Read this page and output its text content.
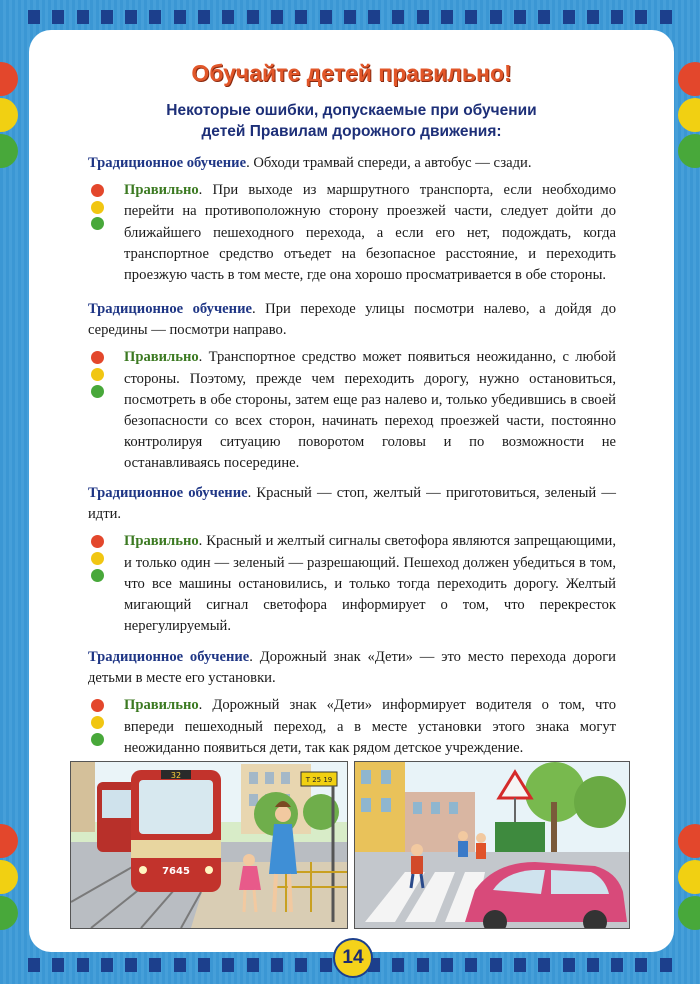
Обучайте детей правильно!
Некоторые ошибки, допускаемые при обучении
детей Правилам дорожного движения:

Традиционное обучение. Обходи трамвай спереди, а автобус — сзади.

Правильно. При выходе из маршрутного транспорта, если необходимо перейти на противоположную сторону проезжей части, следует дойти до ближайшего пешеходного перехода, а если его нет, подождать, когда транспортное средство отъедет на безопасное расстояние, и переходить проезжую часть в том месте, где она хорошо просматривается в обе стороны.

Традиционное обучение. При переходе улицы посмотри налево, а дойдя до середины — посмотри направо.

Правильно. Транспортное средство может появиться неожиданно, с любой стороны. Поэтому, прежде чем переходить дорогу, нужно остановиться, посмотреть в обе стороны, затем еще раз налево и, только убедившись в своей безопасности со всех сторон, начинать переход проезжей части, постоянно контролируя ситуацию поворотом головы и по возможности не останавливаясь посередине.

Традиционное обучение. Красный — стоп, желтый — приготовиться, зеленый — идти.

Правильно. Красный и желтый сигналы светофора являются запрещающими, и только один — зеленый — разрешающий. Пешеход должен убедиться в том, что все машины остановились, и только тогда переходить дорогу. Желтый мигающий сигнал светофора информирует о том, что перекресток нерегулируемый.

Традиционное обучение. Дорожный знак «Дети» — это место перехода дороги детьми в месте его установки.

Правильно. Дорожный знак «Дети» информирует водителя о том, что впереди пешеходный переход, а в месте установки этого знака могут неожиданно появиться дети, так как рядом детское учреждение.

32
7645
Т 25 19
14
